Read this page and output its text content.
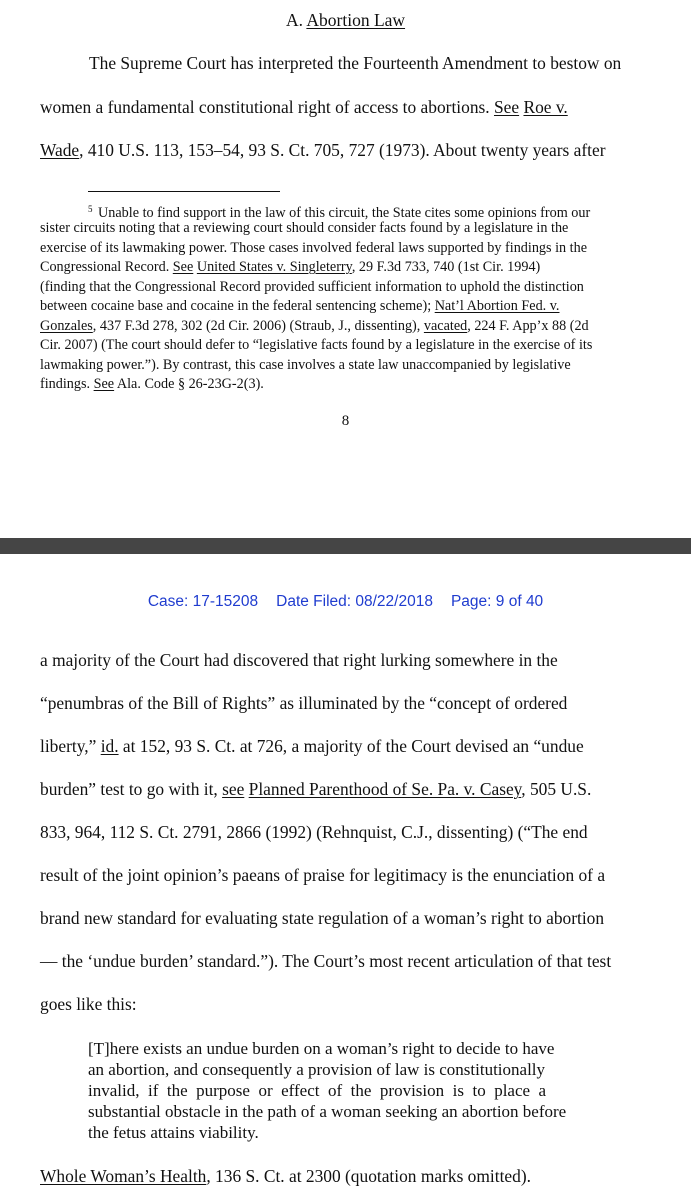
A. Abortion Law
The Supreme Court has interpreted the Fourteenth Amendment to bestow on
women a fundamental constitutional right of access to abortions. See Roe v.
Wade, 410 U.S. 113, 153–54, 93 S. Ct. 705, 727 (1973). About twenty years after
$^5$ Unable to find support in the law of this circuit, the State cites some opinions from our
sister circuits noting that a reviewing court should consider facts found by a legislature in the
exercise of its lawmaking power. Those cases involved federal laws supported by findings in the
Congressional Record. See United States v. Singleterry, 29 F.3d 733, 740 (1st Cir. 1994)
(finding that the Congressional Record provided sufficient information to uphold the distinction
between cocaine base and cocaine in the federal sentencing scheme); Nat’l Abortion Fed. v.
Gonzales, 437 F.3d 278, 302 (2d Cir. 2006) (Straub, J., dissenting), vacated, 224 F. App’x 88 (2d
Cir. 2007) (The court should defer to “legislative facts found by a legislature in the exercise of its
lawmaking power.”). By contrast, this case involves a state law unaccompanied by legislative
findings. See Ala. Code § 26-23G-2(3).
8
Case: 17-15208 Date Filed: 08/22/2018 Page: 9 of 40
a majority of the Court had discovered that right lurking somewhere in the
“penumbras of the Bill of Rights” as illuminated by the “concept of ordered
liberty,” id. at 152, 93 S. Ct. at 726, a majority of the Court devised an “undue
burden” test to go with it, see Planned Parenthood of Se. Pa. v. Casey, 505 U.S.
833, 964, 112 S. Ct. 2791, 2866 (1992) (Rehnquist, C.J., dissenting) (“The end
result of the joint opinion’s paeans of praise for legitimacy is the enunciation of a
brand new standard for evaluating state regulation of a woman’s right to abortion
— the ‘undue burden’ standard.”). The Court’s most recent articulation of that test
goes like this:
[T]here exists an undue burden on a woman’s right to decide to have
an abortion, and consequently a provision of law is constitutionally
invalid,  if  the  purpose  or  effect  of  the  provision  is  to  place  a
substantial obstacle in the path of a woman seeking an abortion before
the fetus attains viability.
Whole Woman’s Health, 136 S. Ct. at 2300 (quotation marks omitted).
